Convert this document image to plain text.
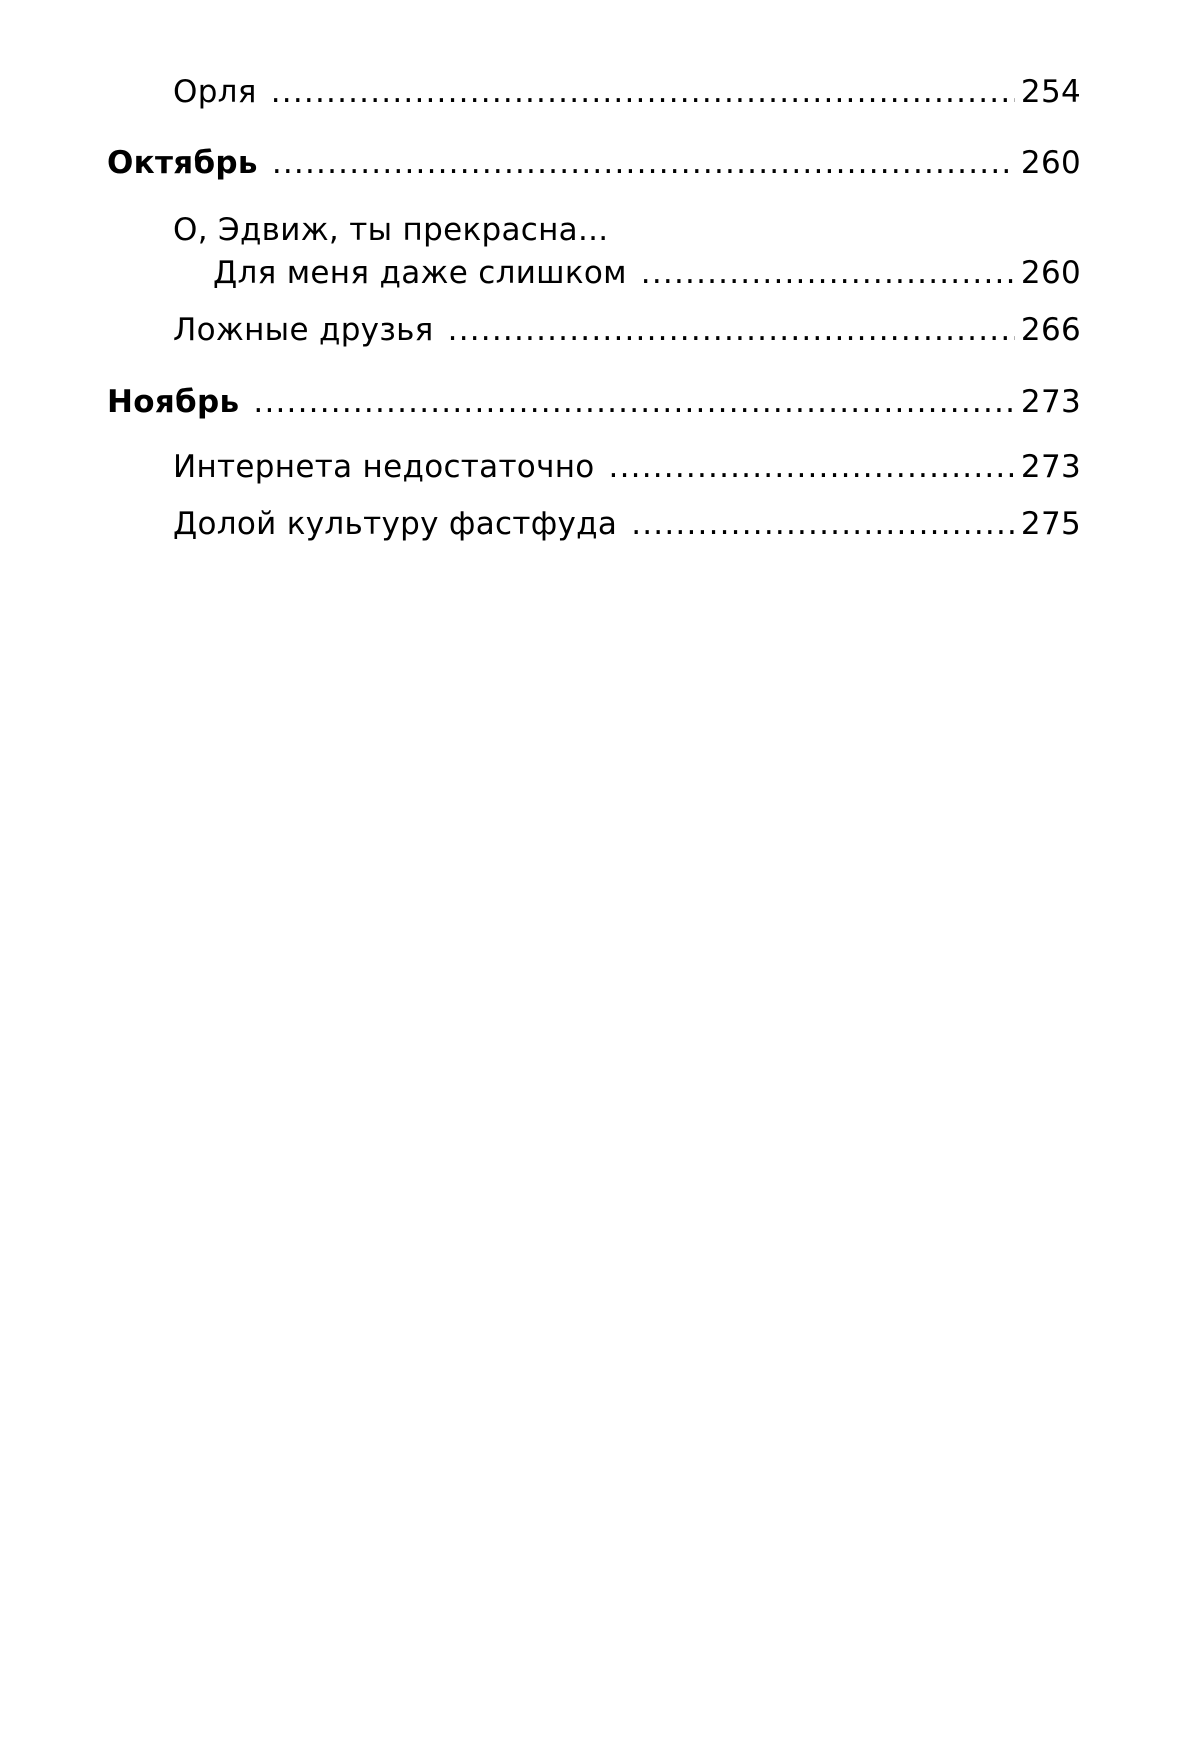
Орля .....	254
Октябрь .....	260
О, Эдвиж, ты прекрасна...
Для меня даже слишком .....	260
Ложные друзья .....	266
Ноябрь .....	273
Интернета недостаточно .....	273
Долой культуру фастфуда .....	275
